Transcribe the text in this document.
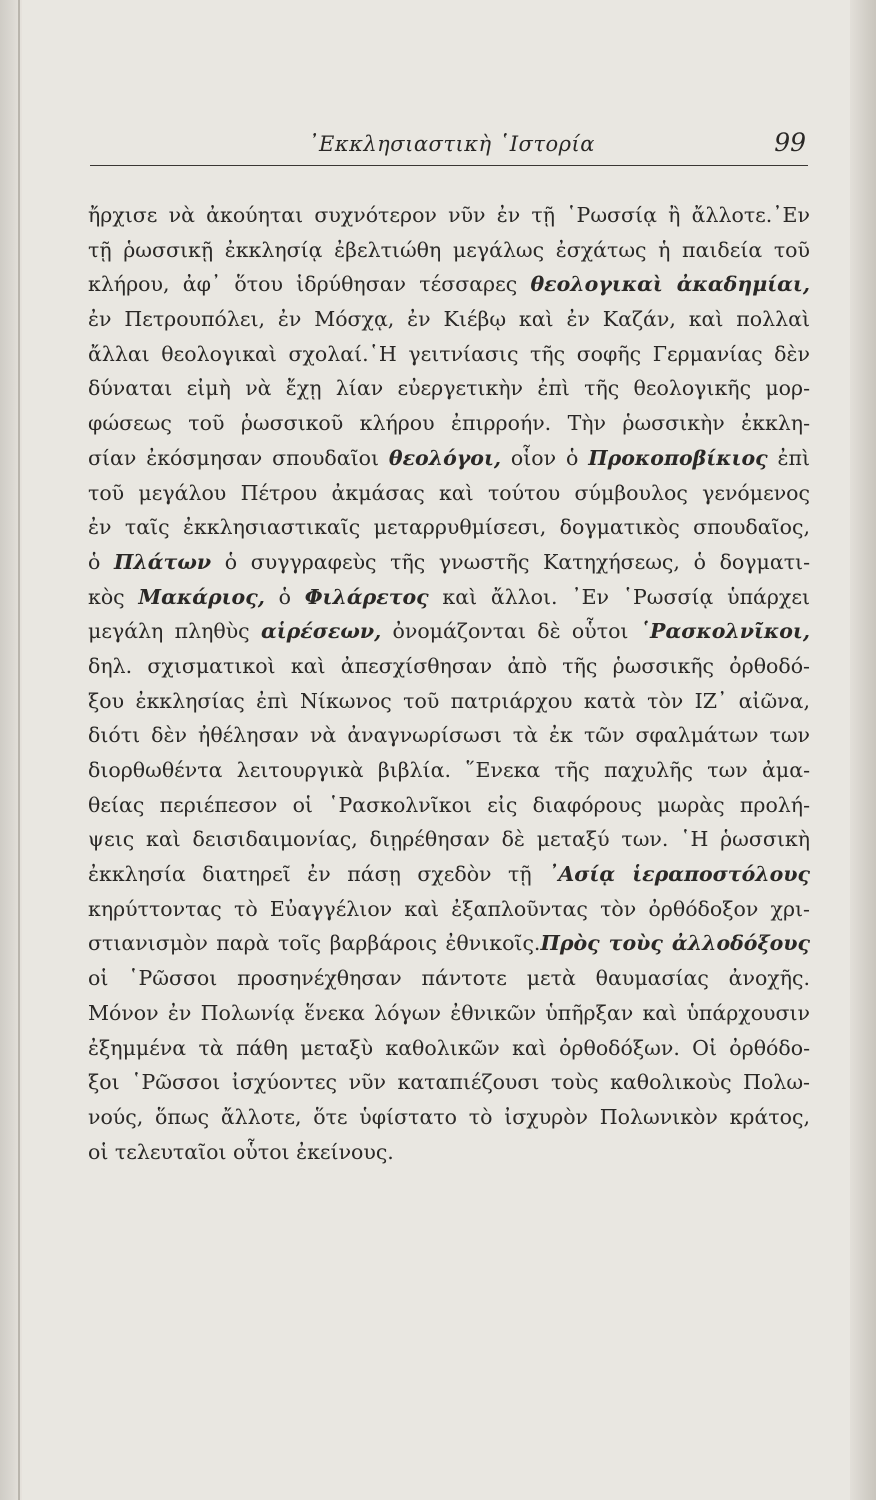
᾿Εκκλησιαστικὴ ῾Ιστορία	99
ἤρχισε νὰ ἀκούηται συχνότερον νῦν ἐν τῇ ῾Ρωσσίᾳ ἢ ἄλλοτε.᾿Εν
τῇ ῥωσσικῇ ἐκκλησίᾳ ἐβελτιώθη μεγάλως ἐσχάτως ἡ παιδεία τοῦ
κλήρου, ἀφ᾿ ὅτου ἱδρύθησαν τέσσαρες θεολογικαὶ ἀκαδημίαι,
ἐν Πετρουπόλει, ἐν Μόσχᾳ, ἐν Κιέβῳ καὶ ἐν Καζάν, καὶ πολλαὶ
ἄλλαι θεολογικαὶ σχολαί.῾Η γειτνίασις τῆς σοφῆς Γερμανίας δὲν
δύναται εἰμὴ νὰ ἔχῃ λίαν εὐεργετικὴν ἐπὶ τῆς θεολογικῆς μορ-
φώσεως τοῦ ῥωσσικοῦ κλήρου ἐπιρροήν. Τὴν ῥωσσικὴν ἐκκλη-
σίαν ἐκόσμησαν σπουδαῖοι θεολόγοι, οἷον ὁ Προκοποβίκιος ἐπὶ
τοῦ μεγάλου Πέτρου ἀκμάσας καὶ τούτου σύμβουλος γενόμενος
ἐν ταῖς ἐκκλησιαστικαῖς μεταρρυθμίσεσι, δογματικὸς σπουδαῖος,
ὁ Πλάτων ὁ συγγραφεὺς τῆς γνωστῆς Κατηχήσεως, ὁ δογματι-
κὸς Μακάριος, ὁ Φιλάρετος καὶ ἄλλοι. ᾿Εν ῾Ρωσσίᾳ ὑπάρχει
μεγάλη πληθὺς αἱρέσεων, ὀνομάζονται δὲ οὗτοι ῾Ρασκολνῖκοι,
δηλ. σχισματικοὶ καὶ ἀπεσχίσθησαν ἀπὸ τῆς ῥωσσικῆς ὀρθοδό-
ξου ἐκκλησίας ἐπὶ Νίκωνος τοῦ πατριάρχου κατὰ τὸν ΙΖ᾿ αἰῶνα,
διότι δὲν ἠθέλησαν νὰ ἀναγνωρίσωσι τὰ ἐκ τῶν σφαλμάτων των
διορθωθέντα λειτουργικὰ βιβλία. ῞Ενεκα τῆς παχυλῆς των ἀμα-
θείας περιέπεσον οἱ ῾Ρασκολνῖκοι εἰς διαφόρους μωρὰς προλή-
ψεις καὶ δεισιδαιμονίας, διῃρέθησαν δὲ μεταξύ των. ῾Η ῥωσσικὴ
ἐκκλησία διατηρεῖ ἐν πάσῃ σχεδὸν τῇ ᾿Ασίᾳ ἱεραποστόλους
κηρύττοντας τὸ Εὐαγγέλιον καὶ ἐξαπλοῦντας τὸν ὀρθόδοξον χρι-
στιανισμὸν παρὰ τοῖς βαρβάροις ἐθνικοῖς.Πρὸς τοὺς ἀλλοδόξους
οἱ ῾Ρῶσσοι προσηνέχθησαν πάντοτε μετὰ θαυμασίας ἀνοχῆς.
Μόνον ἐν Πολωνίᾳ ἕνεκα λόγων ἐθνικῶν ὑπῆρξαν καὶ ὑπάρχουσιν
ἐξημμένα τὰ πάθη μεταξὺ καθολικῶν καὶ ὀρθοδόξων. Οἱ ὀρθόδο-
ξοι ῾Ρῶσσοι ἰσχύοντες νῦν καταπιέζουσι τοὺς καθολικοὺς Πολω-
νούς, ὅπως ἄλλοτε, ὅτε ὑφίστατο τὸ ἰσχυρὸν Πολωνικὸν κράτος,
οἱ τελευταῖοι οὗτοι ἐκείνους.
